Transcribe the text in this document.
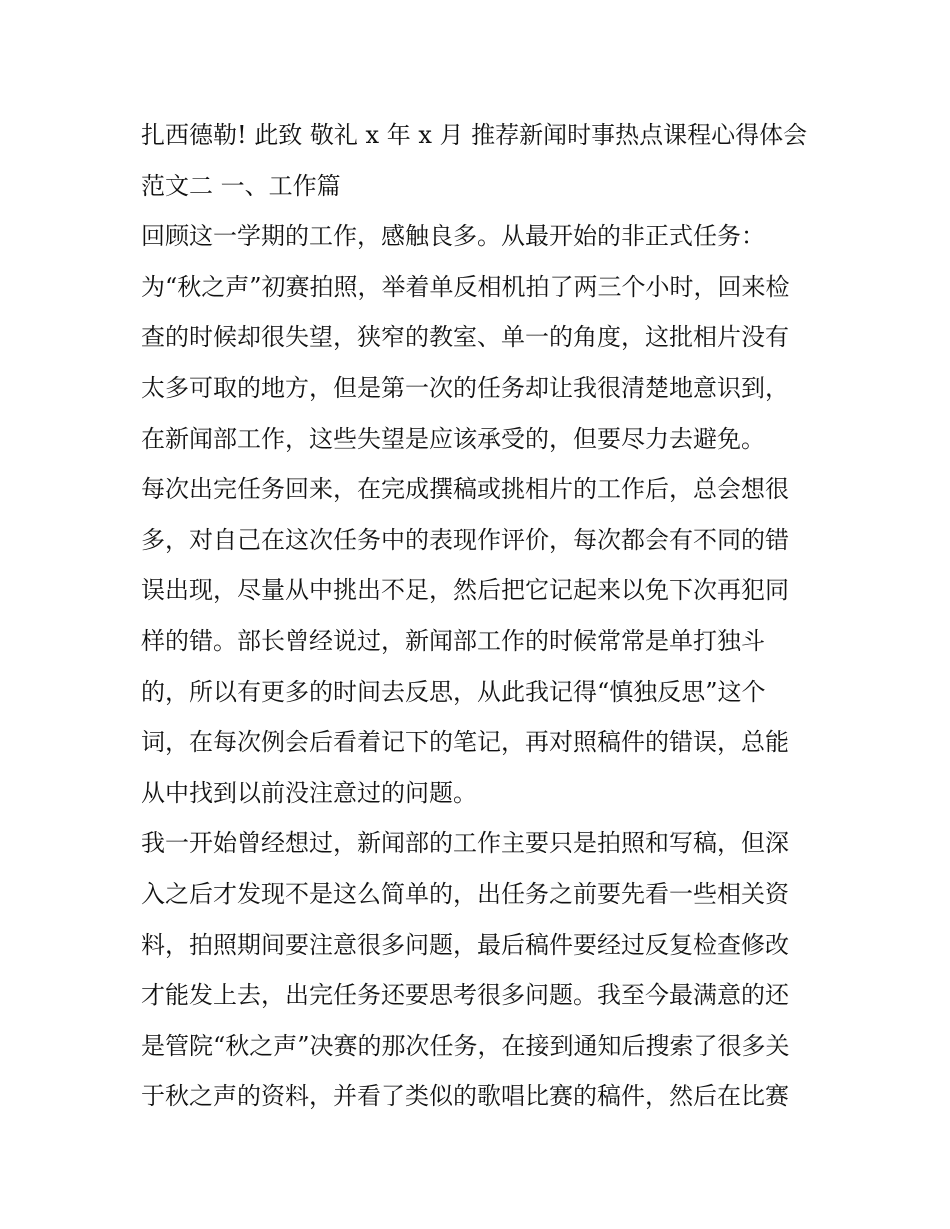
扎西德勒! 此致 敬礼 x 年 x 月 推荐新闻时事热点课程心得体会
范文二 一、工作篇
回顾这一学期的工作，感触良多。从最开始的非正式任务：
为“秋之声”初赛拍照，举着单反相机拍了两三个小时，回来检
查的时候却很失望，狭窄的教室、单一的角度，这批相片没有
太多可取的地方，但是第一次的任务却让我很清楚地意识到，
在新闻部工作，这些失望是应该承受的，但要尽力去避免。
每次出完任务回来，在完成撰稿或挑相片的工作后，总会想很
多，对自己在这次任务中的表现作评价，每次都会有不同的错
误出现，尽量从中挑出不足，然后把它记起来以免下次再犯同
样的错。部长曾经说过，新闻部工作的时候常常是单打独斗
的，所以有更多的时间去反思，从此我记得“慎独反思”这个
词，在每次例会后看着记下的笔记，再对照稿件的错误，总能
从中找到以前没注意过的问题。
我一开始曾经想过，新闻部的工作主要只是拍照和写稿，但深
入之后才发现不是这么简单的，出任务之前要先看一些相关资
料，拍照期间要注意很多问题，最后稿件要经过反复检查修改
才能发上去，出完任务还要思考很多问题。我至今最满意的还
是管院“秋之声”决赛的那次任务，在接到通知后搜索了很多关
于秋之声的资料，并看了类似的歌唱比赛的稿件，然后在比赛
